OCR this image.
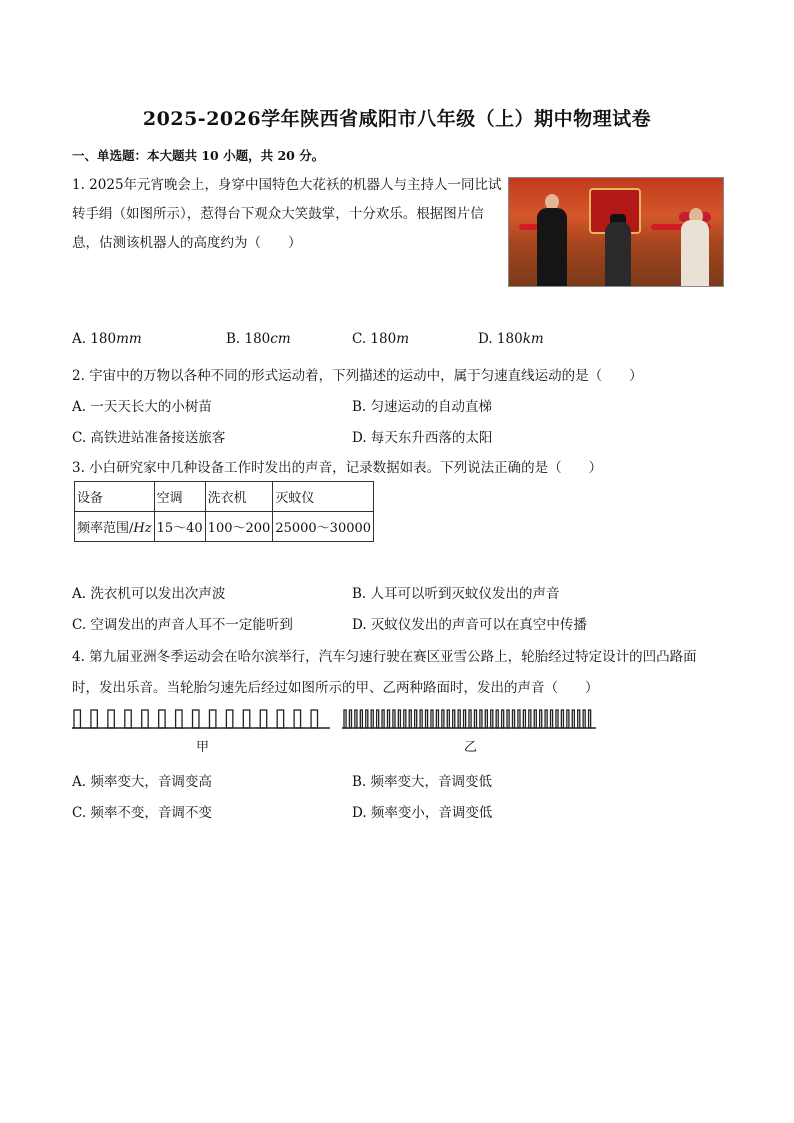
2025-2026学年陕西省咸阳市八年级（上）期中物理试卷
一、单选题：本大题共 10 小题，共 20 分。
1. 2025年元宵晚会上，身穿中国特色大花袄的机器人与主持人一同比试转手绢（如图所示），惹得台下观众大笑鼓掌，十分欢乐。根据图片信息，估测该机器人的高度约为（　　）
A. 180mm	B. 180cm	C. 180m	D. 180km
2. 宇宙中的万物以各种不同的形式运动着，下列描述的运动中，属于匀速直线运动的是（　　）
A. 一天天长大的小树苗	B. 匀速运动的自动直梯
C. 高铁进站准备接送旅客	D. 每天东升西落的太阳
3. 小白研究家中几种设备工作时发出的声音，记录数据如表。下列说法正确的是（　　）
设备	空调	洗衣机	灭蚊仪
频率范围/Hz	15～40	100～200	25000～30000
A. 洗衣机可以发出次声波	B. 人耳可以听到灭蚊仪发出的声音
C. 空调发出的声音人耳不一定能听到	D. 灭蚊仪发出的声音可以在真空中传播
4. 第九届亚洲冬季运动会在哈尔滨举行，汽车匀速行驶在赛区亚雪公路上，轮胎经过特定设计的凹凸路面
时，发出乐音。当轮胎匀速先后经过如图所示的甲、乙两种路面时，发出的声音（　　）
甲	乙
A. 频率变大，音调变高	B. 频率变大，音调变低
C. 频率不变，音调不变	D. 频率变小，音调变低
